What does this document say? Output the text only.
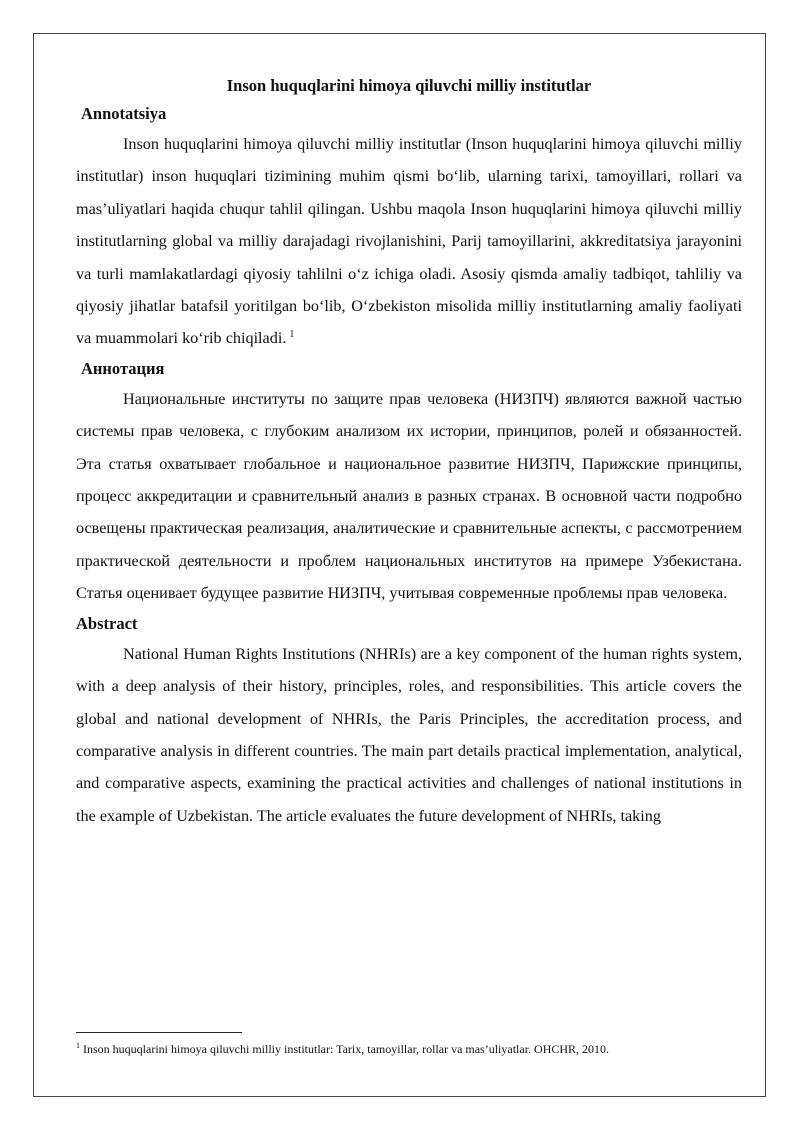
Inson huquqlarini himoya qiluvchi milliy institutlar

Annotatsiya

Inson huquqlarini himoya qiluvchi milliy institutlar (Inson huquqlarini himoya qiluvchi milliy institutlar) inson huquqlari tizimining muhim qismi bo‘lib, ularning tarixi, tamoyillari, rollari va mas’uliyatlari haqida chuqur tahlil qilingan. Ushbu maqola Inson huquqlarini himoya qiluvchi milliy institutlarning global va milliy darajadagi rivojlanishini, Parij tamoyillarini, akkreditatsiya jarayonini va turli mamlakatlardagi qiyosiy tahlilni o‘z ichiga oladi. Asosiy qismda amaliy tadbiqot, tahliliy va qiyosiy jihatlar batafsil yoritilgan bo‘lib, O‘zbekiston misolida milliy institutlarning amaliy faoliyati va muammolari ko‘rib chiqiladi. $^1$

Аннотация

Национальные институты по защите прав человека (НИЗПЧ) являются важной частью системы прав человека, с глубоким анализом их истории, принципов, ролей и обязанностей. Эта статья охватывает глобальное и национальное развитие НИЗПЧ, Парижские принципы, процесс аккредитации и сравнительный анализ в разных странах. В основной части подробно освещены практическая реализация, аналитические и сравнительные аспекты, с рассмотрением практической деятельности и проблем национальных институтов на примере Узбекистана. Статья оценивает будущее развитие НИЗПЧ, учитывая современные проблемы прав человека.

Abstract

National Human Rights Institutions (NHRIs) are a key component of the human rights system, with a deep analysis of their history, principles, roles, and responsibilities. This article covers the global and national development of NHRIs, the Paris Principles, the accreditation process, and comparative analysis in different countries. The main part details practical implementation, analytical, and comparative aspects, examining the practical activities and challenges of national institutions in the example of Uzbekistan. The article evaluates the future development of NHRIs, taking

$^1$ Inson huquqlarini himoya qiluvchi milliy institutlar: Tarix, tamoyillar, rollar va mas’uliyatlar. OHCHR, 2010.
